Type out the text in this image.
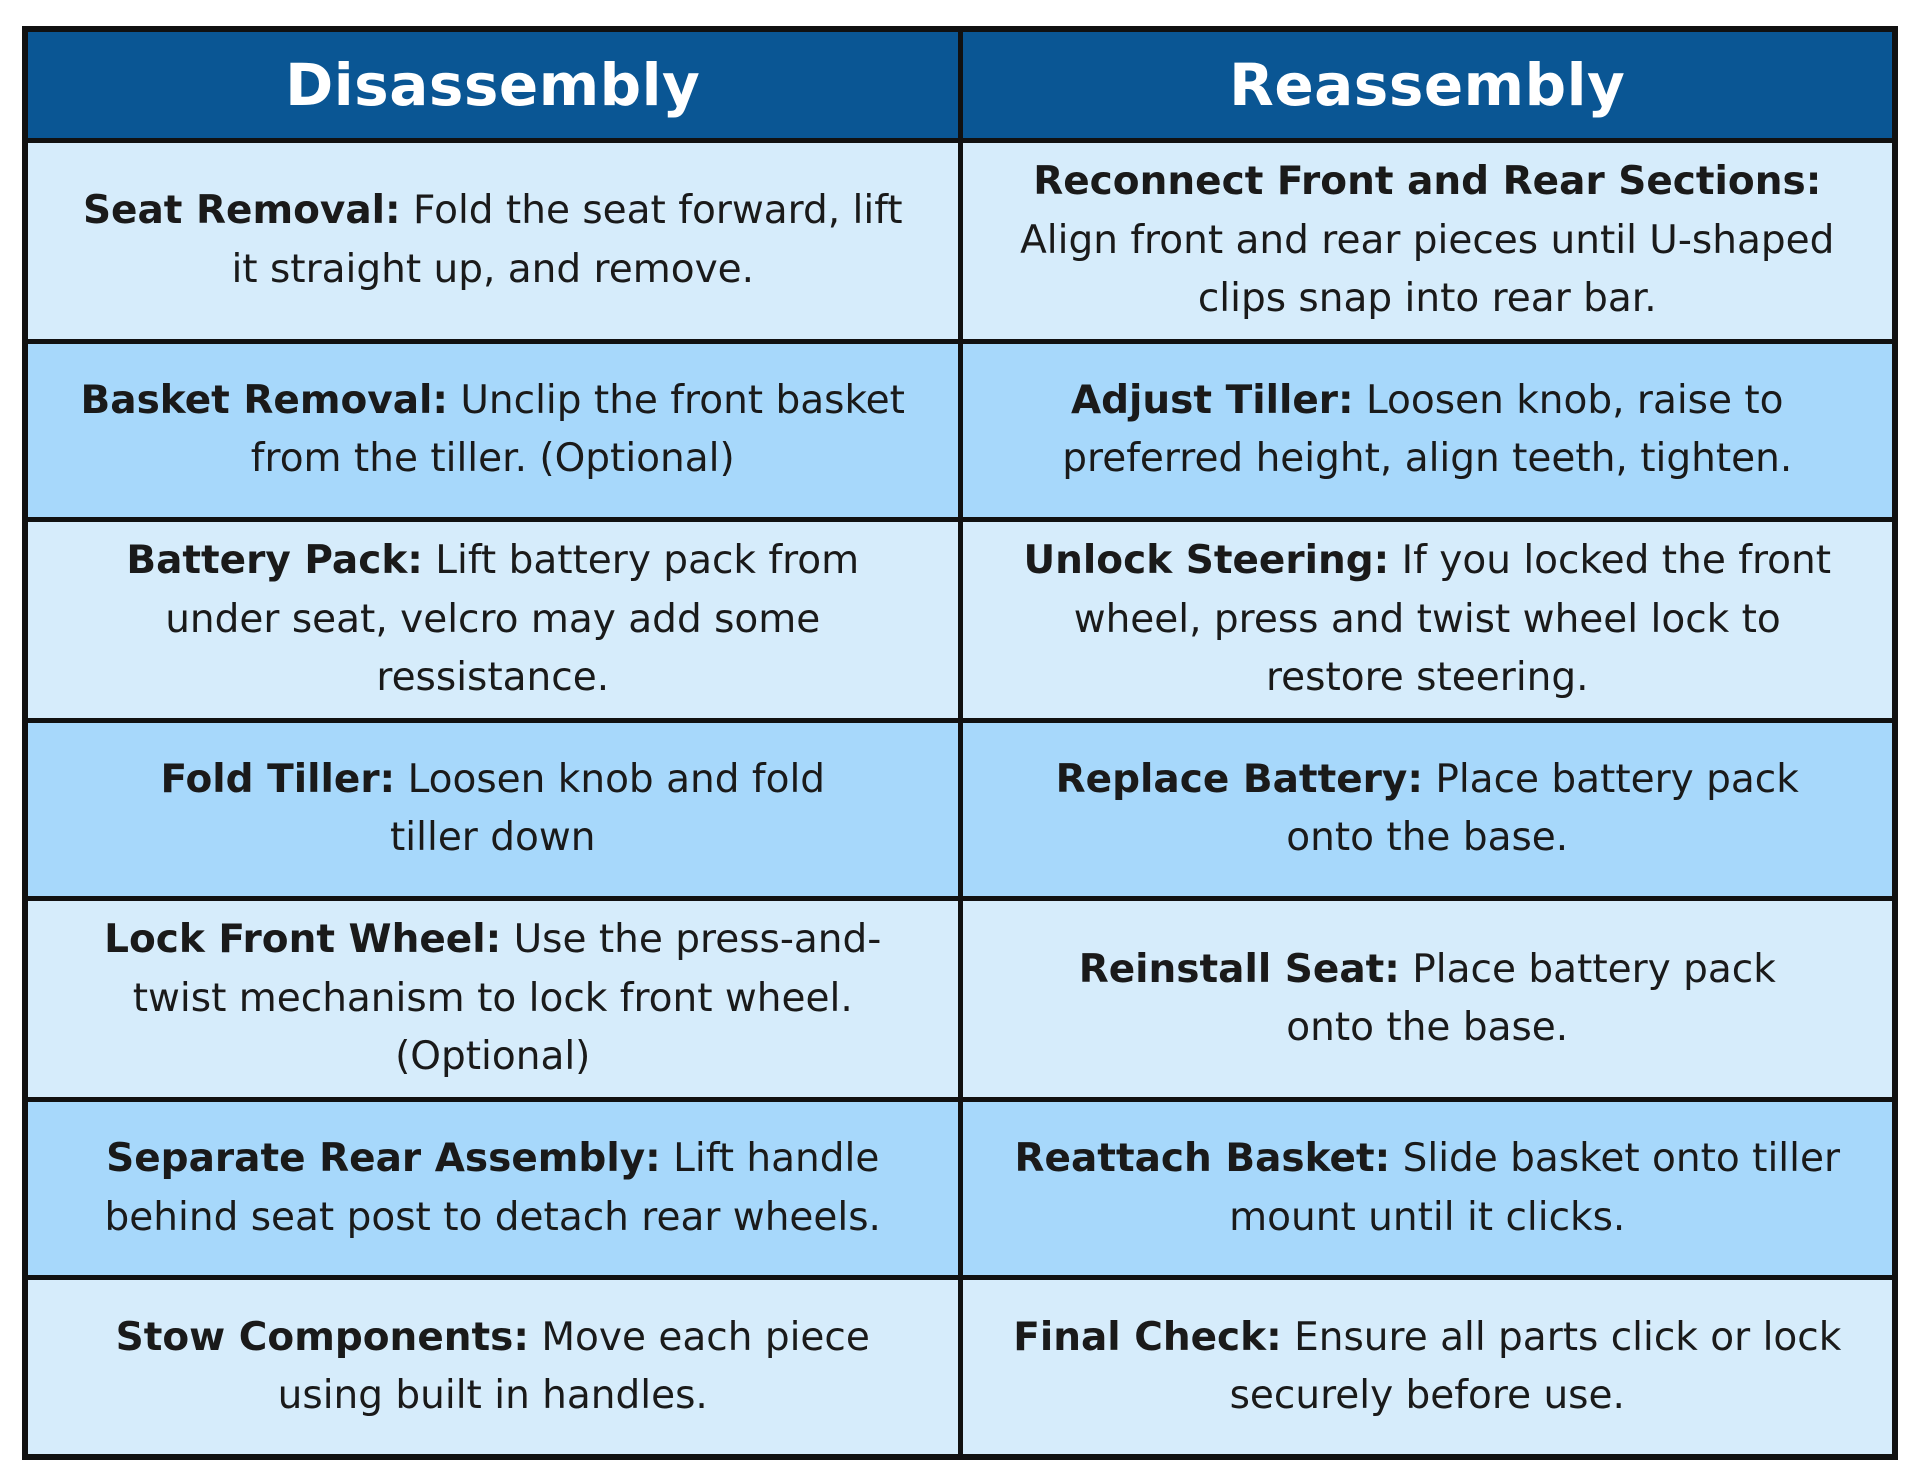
Disassembly	Reassembly
Seat Removal: Fold the seat forward, lift it straight up, and remove.
Reconnect Front and Rear Sections: Align front and rear pieces until U-shaped clips snap into rear bar.
Basket Removal: Unclip the front basket from the tiller. (Optional)
Adjust Tiller: Loosen knob, raise to preferred height, align teeth, tighten.
Battery Pack: Lift battery pack from under seat, velcro may add some ressistance.
Unlock Steering: If you locked the front wheel, press and twist wheel lock to restore steering.
Fold Tiller: Loosen knob and fold tiller down
Replace Battery: Place battery pack onto the base.
Lock Front Wheel: Use the press-and-twist mechanism to lock front wheel. (Optional)
Reinstall Seat: Place battery pack onto the base.
Separate Rear Assembly: Lift handle behind seat post to detach rear wheels.
Reattach Basket: Slide basket onto tiller mount until it clicks.
Stow Components: Move each piece using built in handles.
Final Check: Ensure all parts click or lock securely before use.
